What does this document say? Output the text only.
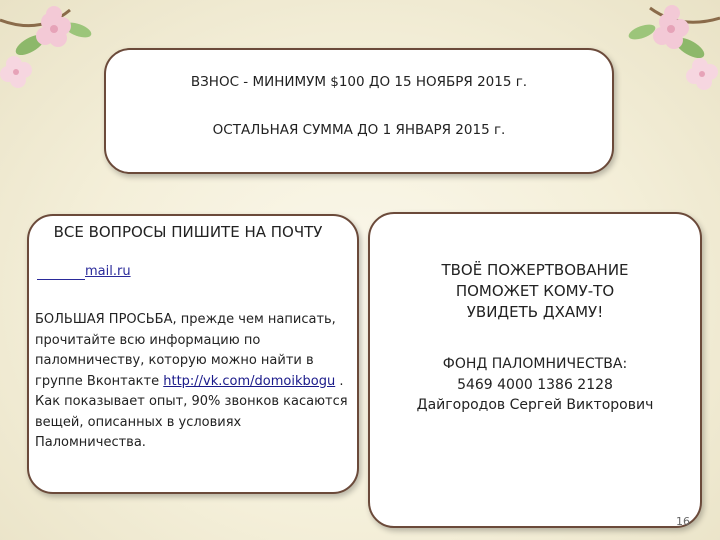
ВЗНОС - МИНИМУМ $100 ДО 15 НОЯБРЯ 2015 г.
ОСТАЛЬНАЯ СУММА ДО 1 ЯНВАРЯ 2015 г.
ВСЕ ВОПРОСЫ ПИШИТЕ НА ПОЧТУ
mail.ru
БОЛЬШАЯ ПРОСЬБА, прежде чем написать, прочитайте всю информацию по паломничеству, которую можно найти в группе Вконтакте http://vk.com/domoikbogu . Как показывает опыт, 90% звонков касаются вещей, описанных в условиях Паломничества.
ТВОЁ ПОЖЕРТВОВАНИЕ
ПОМОЖЕТ КОМУ-ТО
УВИДЕТЬ ДХАМУ!
ФОНД ПАЛОМНИЧЕСТВА:
5469 4000 1386 2128
Дайгородов Сергей Викторович
16
